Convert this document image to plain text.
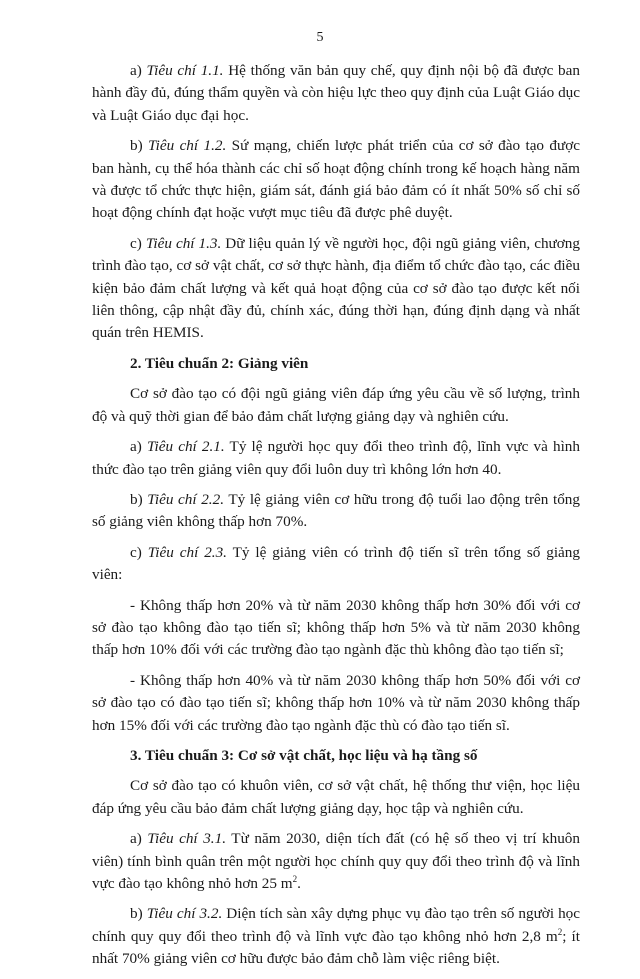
5

a) Tiêu chí 1.1. Hệ thống văn bản quy chế, quy định nội bộ đã được ban hành đầy đủ, đúng thẩm quyền và còn hiệu lực theo quy định của Luật Giáo dục và Luật Giáo dục đại học.

b) Tiêu chí 1.2. Sứ mạng, chiến lược phát triển của cơ sở đào tạo được ban hành, cụ thể hóa thành các chỉ số hoạt động chính trong kế hoạch hàng năm và được tổ chức thực hiện, giám sát, đánh giá bảo đảm có ít nhất 50% số chỉ số hoạt động chính đạt hoặc vượt mục tiêu đã được phê duyệt.

c) Tiêu chí 1.3. Dữ liệu quản lý về người học, đội ngũ giảng viên, chương trình đào tạo, cơ sở vật chất, cơ sở thực hành, địa điểm tổ chức đào tạo, các điều kiện bảo đảm chất lượng và kết quả hoạt động của cơ sở đào tạo được kết nối liên thông, cập nhật đầy đủ, chính xác, đúng thời hạn, đúng định dạng và nhất quán trên HEMIS.

2. Tiêu chuẩn 2: Giảng viên

Cơ sở đào tạo có đội ngũ giảng viên đáp ứng yêu cầu về số lượng, trình độ và quỹ thời gian để bảo đảm chất lượng giảng dạy và nghiên cứu.

a) Tiêu chí 2.1. Tỷ lệ người học quy đổi theo trình độ, lĩnh vực và hình thức đào tạo trên giảng viên quy đổi luôn duy trì không lớn hơn 40.

b) Tiêu chí 2.2. Tỷ lệ giảng viên cơ hữu trong độ tuổi lao động trên tổng số giảng viên không thấp hơn 70%.

c) Tiêu chí 2.3. Tỷ lệ giảng viên có trình độ tiến sĩ trên tổng số giảng viên:

- Không thấp hơn 20% và từ năm 2030 không thấp hơn 30% đối với cơ sở đào tạo không đào tạo tiến sĩ; không thấp hơn 5% và từ năm 2030 không thấp hơn 10% đối với các trường đào tạo ngành đặc thù không đào tạo tiến sĩ;

- Không thấp hơn 40% và từ năm 2030 không thấp hơn 50% đối với cơ sở đào tạo có đào tạo tiến sĩ; không thấp hơn 10% và từ năm 2030 không thấp hơn 15% đối với các trường đào tạo ngành đặc thù có đào tạo tiến sĩ.

3. Tiêu chuẩn 3: Cơ sở vật chất, học liệu và hạ tầng số

Cơ sở đào tạo có khuôn viên, cơ sở vật chất, hệ thống thư viện, học liệu đáp ứng yêu cầu bảo đảm chất lượng giảng dạy, học tập và nghiên cứu.

a) Tiêu chí 3.1. Từ năm 2030, diện tích đất (có hệ số theo vị trí khuôn viên) tính bình quân trên một người học chính quy quy đổi theo trình độ và lĩnh vực đào tạo không nhỏ hơn 25 $m^2$.

b) Tiêu chí 3.2. Diện tích sàn xây dựng phục vụ đào tạo trên số người học chính quy quy đổi theo trình độ và lĩnh vực đào tạo không nhỏ hơn 2,8 $m^2$; ít nhất 70% giảng viên cơ hữu được bảo đảm chỗ làm việc riêng biệt.
